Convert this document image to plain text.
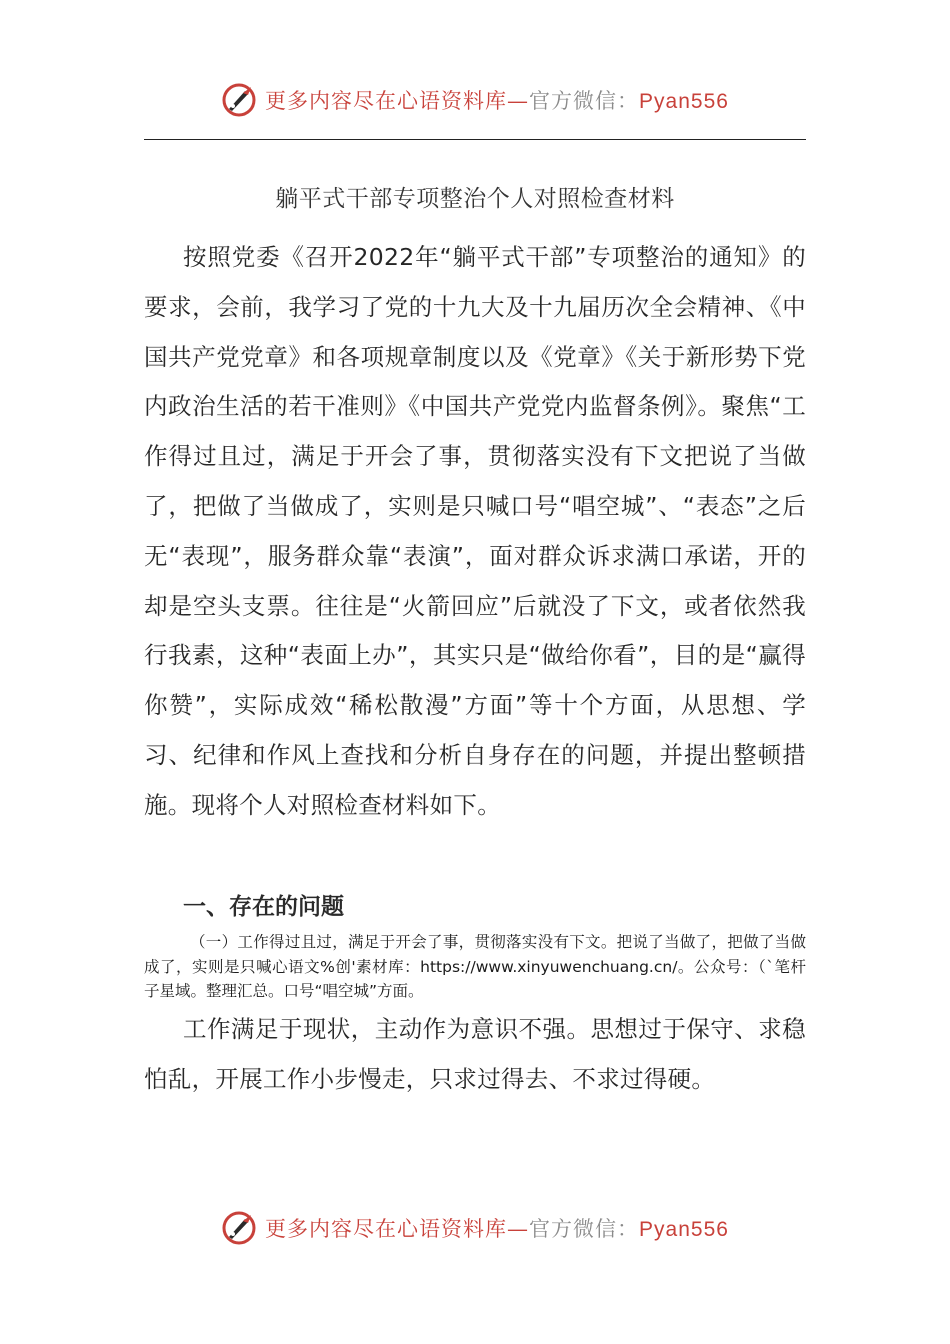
更多内容尽在心语资料库—官方微信：Pyan556
躺平式干部专项整治个人对照检查材料

按照党委《召开2022年“躺平式干部”专项整治的通知》的要求，会前，我学习了党的十九大及十九届历次全会精神、《中国共产党党章》和各项规章制度以及《党章》《关于新形势下党内政治生活的若干准则》《中国共产党党内监督条例》。聚焦“工作得过且过，满足于开会了事，贯彻落实没有下文把说了当做了，把做了当做成了，实则是只喊口号“唱空城”、“表态”之后无“表现”，服务群众靠“表演”，面对群众诉求满口承诺，开的却是空头支票。往往是“火箭回应”后就没了下文，或者依然我行我素，这种“表面上办”，其实只是“做给你看”，目的是“赢得你赞”，实际成效“稀松散漫”方面”等十个方面，从思想、学习、纪律和作风上查找和分析自身存在的问题，并提出整顿措施。现将个人对照检查材料如下。

一、存在的问题

（一）工作得过且过，满足于开会了事，贯彻落实没有下文。把说了当做了，把做了当做成了，实则是只喊心语文%创'素材库：https://www.xinyuwenchuang.cn/。公众号：（`笔杆子星域。整理汇总。口号“唱空城”方面。

工作满足于现状，主动作为意识不强。思想过于保守、求稳怕乱，开展工作小步慢走，只求过得去、不求过得硬。

更多内容尽在心语资料库—官方微信：Pyan556
